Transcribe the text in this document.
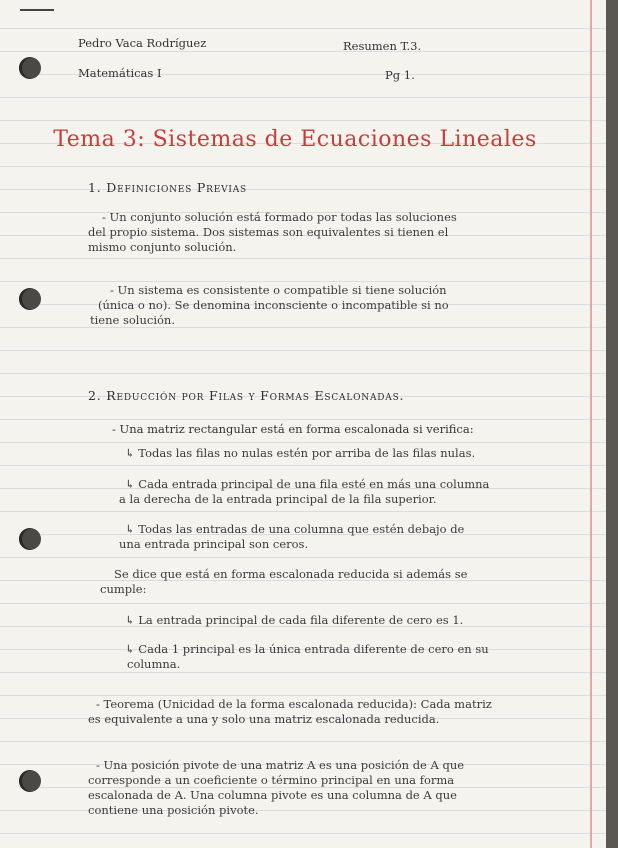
Pedro Vaca Rodríguez	Resumen T.3.
Matemáticas I	Pg 1.
Tema 3: Sistemas de Ecuaciones Lineales
1. Definiciones Previas
- Un conjunto solución está formado por todas las soluciones
del propio sistema. Dos sistemas son equivalentes si tienen el
mismo conjunto solución.
- Un sistema es consistente o compatible si tiene solución
(única o no). Se denomina inconsciente o incompatible si no
tiene solución.
2. Reducción por Filas y Formas Escalonadas.
- Una matriz rectangular está en forma escalonada si verifica:
↳ Todas las filas no nulas estén por arriba de las filas nulas.
↳ Cada entrada principal de una fila esté en más una columna
a la derecha de la entrada principal de la fila superior.
↳ Todas las entradas de una columna que estén debajo de
una entrada principal son ceros.
Se dice que está en forma escalonada reducida si además se
cumple:
↳ La entrada principal de cada fila diferente de cero es 1.
↳ Cada 1 principal es la única entrada diferente de cero en su
columna.
- Teorema (Unicidad de la forma escalonada reducida): Cada matriz
es equivalente a una y solo una matriz escalonada reducida.
- Una posición pivote de una matriz A es una posición de A que
corresponde a un coeficiente o término principal en una forma
escalonada de A. Una columna pivote es una columna de A que
contiene una posición pivote.
